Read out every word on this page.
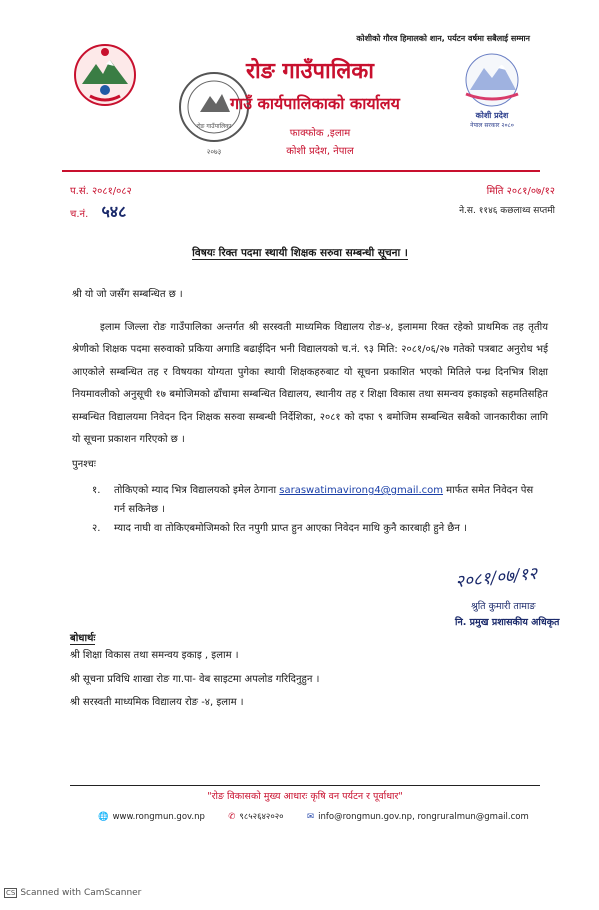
कोशीको गौरव हिमालको शान, पर्यटन वर्षमा सबैलाई सम्मान
रोङ गाउँपालिका
२०७३
कोशी प्रदेश
नेपाल सरकार २०८०
रोङ गाउँपालिका
गाउँ कार्यपालिकाको कार्यालय
फाक्फोक ,इलाम
कोशी प्रदेश, नेपाल
प.सं. २०८१/०८२
च.नं. ५४८
मिति २०८१/०७/१२
ने.स. ११४६ कछलाथ्व सप्तमी
विषयः रिक्त पदमा स्थायी शिक्षक सरुवा सम्बन्धी सूचना ।
श्री यो जो जसँग सम्बन्धित छ ।
इलाम जिल्ला रोङ गाउँपालिका अन्तर्गत श्री सरस्वती माध्यमिक विद्यालय रोङ-४, इलाममा रिक्त रहेको प्राथमिक तह तृतीय श्रेणीको शिक्षक पदमा सरुवाको प्रकिया अगाडि बढाईदिन भनी विद्यालयको च.नं. ९३ मिति: २०८१/०६/२७ गतेको पत्रबाट अनुरोध भई आएकोले सम्बन्धित तह र विषयका योग्यता पुगेका स्थायी शिक्षकहरुबाट यो सूचना प्रकाशित भएको मितिले पन्ध्र दिनभित्र शिक्षा नियमावलीको अनुसूची १७ बमोजिमको ढाँचामा सम्बन्धित विद्यालय, स्थानीय तह र शिक्षा विकास तथा समन्वय इकाइको सहमतिसहित सम्बन्धित विद्यालयमा निवेदन दिन शिक्षक सरुवा सम्बन्धी निर्देशिका, २०८१ को दफा ९ बमोजिम सम्बन्धित सबैको जानकारीका लागि यो सूचना प्रकाशन गरिएको छ ।
पुनश्चः
१. तोकिएको म्याद भित्र विद्यालयको इमेल ठेगाना saraswatimavirong4@gmail.com मार्फत समेत निवेदन पेस गर्न सकिनेछ ।
२. म्याद नाघी वा तोकिएबमोजिमको रित नपुगी प्राप्त हुन आएका निवेदन माथि कुनै कारबाही हुने छैन ।
२०८१/०७/१२
श्रुति कुमारी तामाङ
नि. प्रमुख प्रशासकीय अधिकृत
बोधार्थः
श्री शिक्षा विकास तथा समन्वय इकाइ , इलाम ।
श्री सूचना प्रविधि शाखा रोङ गा.पा- वेब साइटमा अपलोड गरिदिनुहुन ।
श्री सरस्वती माध्यमिक विद्यालय रोङ -४, इलाम ।
"रोङ विकासको मुख्य आधारः कृषि वन पर्यटन र पूर्वाधार"
🌐 www.rongmun.gov.np	✆ ९८५२६४२०२०	✉ info@rongmun.gov.np, rongruralmun@gmail.com
CS Scanned with CamScanner
